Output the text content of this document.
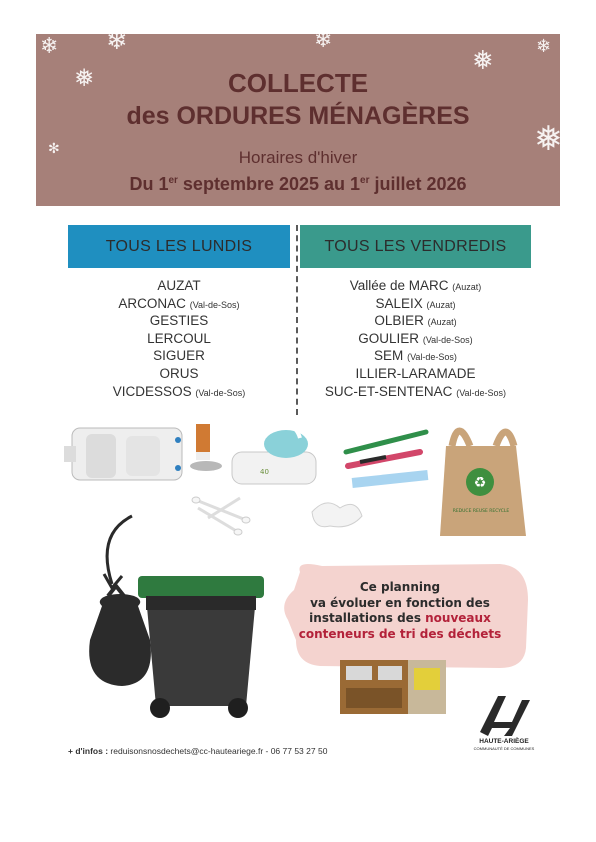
❄ ❄
❅
✻
❄
❅ ❄
❅
COLLECTE
des ORDURES MÉNAGÈRES
Horaires d'hiver
Du 1er septembre 2025 au 1er juillet 2026
TOUS LES LUNDIS	TOUS LES VENDREDIS
AUZAT
ARCONAC (Val-de-Sos)
GESTIES
LERCOUL
SIGUER
ORUS
VICDESSOS (Val-de-Sos)
Vallée de MARC (Auzat)
SALEIX (Auzat)
OLBIER (Auzat)
GOULIER (Val-de-Sos)
SEM (Val-de-Sos)
ILLIER-LARAMADE
SUC-ET-SENTENAC (Val-de-Sos)
40
♻
REDUCE REUSE RECYCLE
Ce planning
va évoluer en fonction des
installations des nouveaux
conteneurs de tri des déchets
HAUTE-ARIÈGE
COMMUNAUTÉ DE COMMUNES
+ d'infos : reduisonsnosdechets@cc-hauteariege.fr - 06 77 53 27 50
